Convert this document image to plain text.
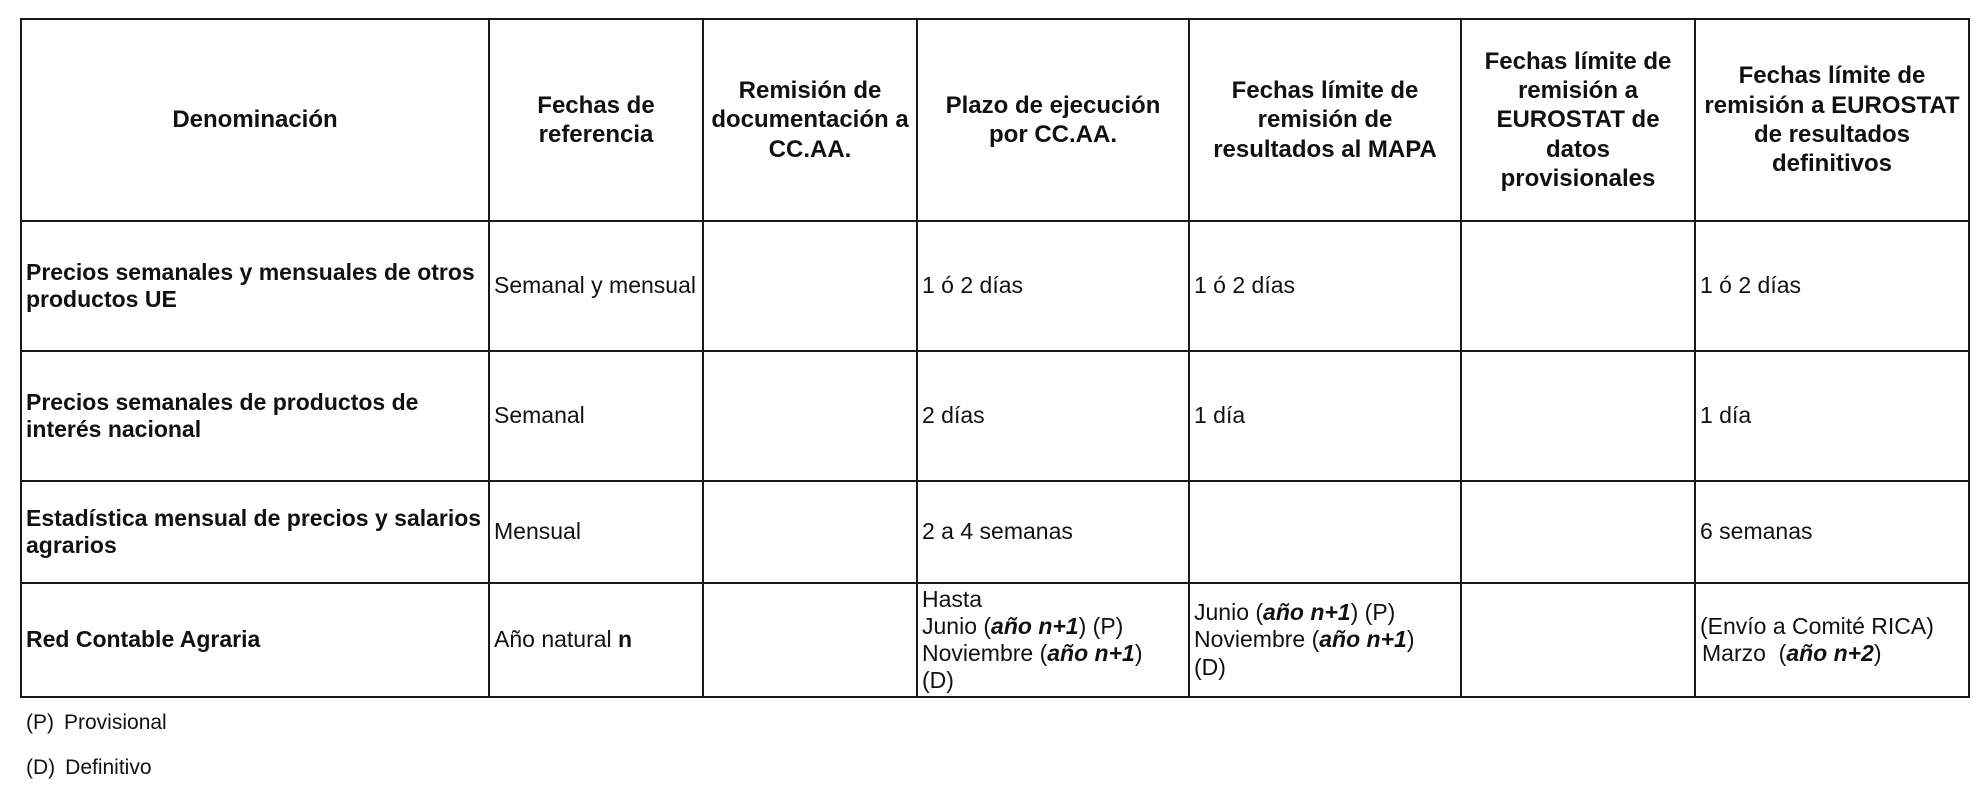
Denominación	Fechas de referencia	Remisión de documentación a CC.AA.	Plazo de ejecución por CC.AA.	Fechas límite de remisión de resultados al MAPA	Fechas límite de remisión a EUROSTAT de datos provisionales	Fechas límite de remisión a EUROSTAT de resultados definitivos
Precios semanales y mensuales de otros productos UE	Semanal y mensual		1 ó 2 días	1 ó 2 días		1 ó 2 días
Precios semanales de productos de interés nacional	Semanal		2 días	1 día		1 día
Estadística mensual de precios y salarios agrarios	Mensual		2 a 4 semanas			6 semanas
Red Contable Agraria	Año natural n		Hasta
Junio (año n+1) (P)
Noviembre (año n+1)
(D)	Junio (año n+1) (P)
Noviembre (año n+1)
(D)		(Envío a Comité RICA)
Marzo  (año n+2)
(P) Provisional
(D) Definitivo
